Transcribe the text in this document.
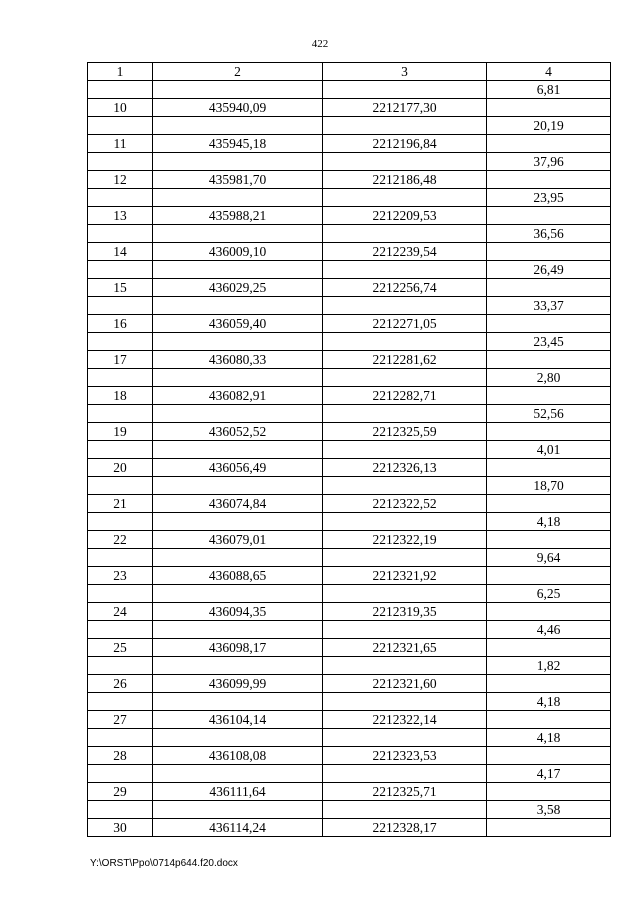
422
1	2	3	4
			6,81
10	435940,09	2212177,30	
			20,19
11	435945,18	2212196,84	
			37,96
12	435981,70	2212186,48	
			23,95
13	435988,21	2212209,53	
			36,56
14	436009,10	2212239,54	
			26,49
15	436029,25	2212256,74	
			33,37
16	436059,40	2212271,05	
			23,45
17	436080,33	2212281,62	
			2,80
18	436082,91	2212282,71	
			52,56
19	436052,52	2212325,59	
			4,01
20	436056,49	2212326,13	
			18,70
21	436074,84	2212322,52	
			4,18
22	436079,01	2212322,19	
			9,64
23	436088,65	2212321,92	
			6,25
24	436094,35	2212319,35	
			4,46
25	436098,17	2212321,65	
			1,82
26	436099,99	2212321,60	
			4,18
27	436104,14	2212322,14	
			4,18
28	436108,08	2212323,53	
			4,17
29	436111,64	2212325,71	
			3,58
30	436114,24	2212328,17	
Y:\ORST\Ppo\0714p644.f20.docx
